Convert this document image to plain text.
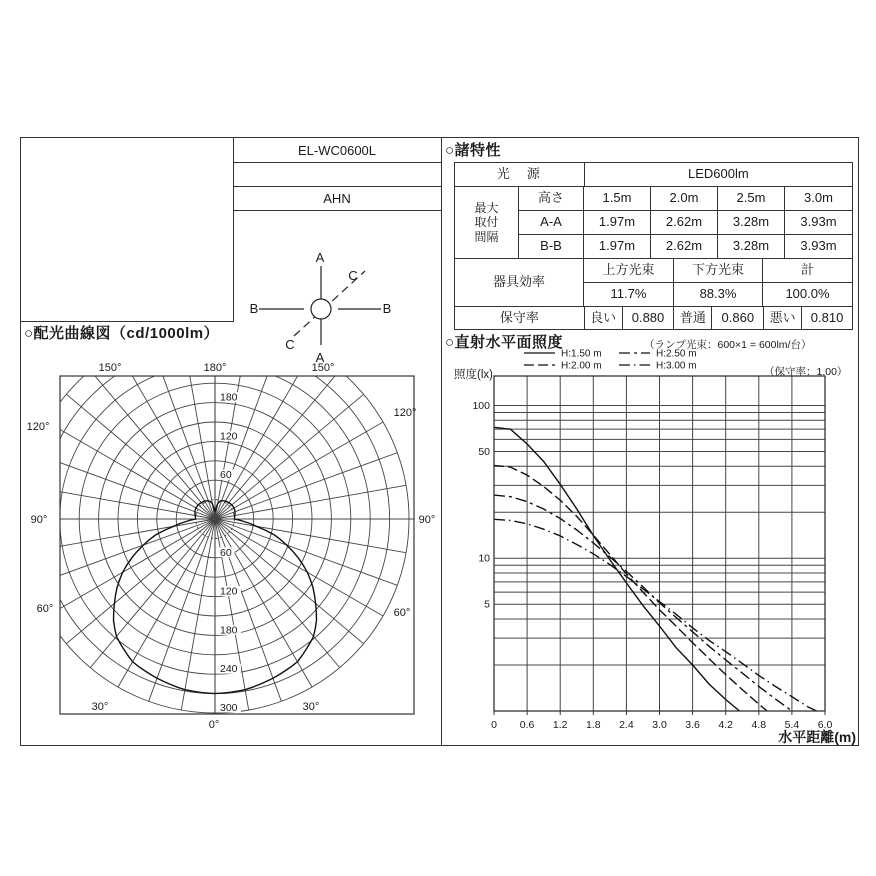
EL-WC0600L
AHN
A
A
B	B
C
C
○配光曲線図（cd/1000lm）
60
120
180
60
120
180
240
300
180°
150°	150°
120°
120°
90°	90°
60°	60°
30°	30°
0°
○諸特性
光　源	LED600lm
最大
取付
間隔
高さ	1.5m	2.0m	2.5m	3.0m
A-A	1.97m	2.62m	3.28m	3.93m
B-B	1.97m	2.62m	3.28m	3.93m
器具効率
上方光束	下方光束	計
11.7%	88.3%	100.0%
保守率	良い	0.880	普通	0.860	悪い	0.810
○直射水平面照度	（ランプ光束：600×1 = 600lm/台）
（保守率：1.00）
0 0.6 1.2 1.8 2.4 3.0 3.6 4.2 4.8 5.4 6.0
100
50
10
5
照度(lx)
水平距離(m)
H:1.50 m
H:2.00 m
H:2.50 m
H:3.00 m
